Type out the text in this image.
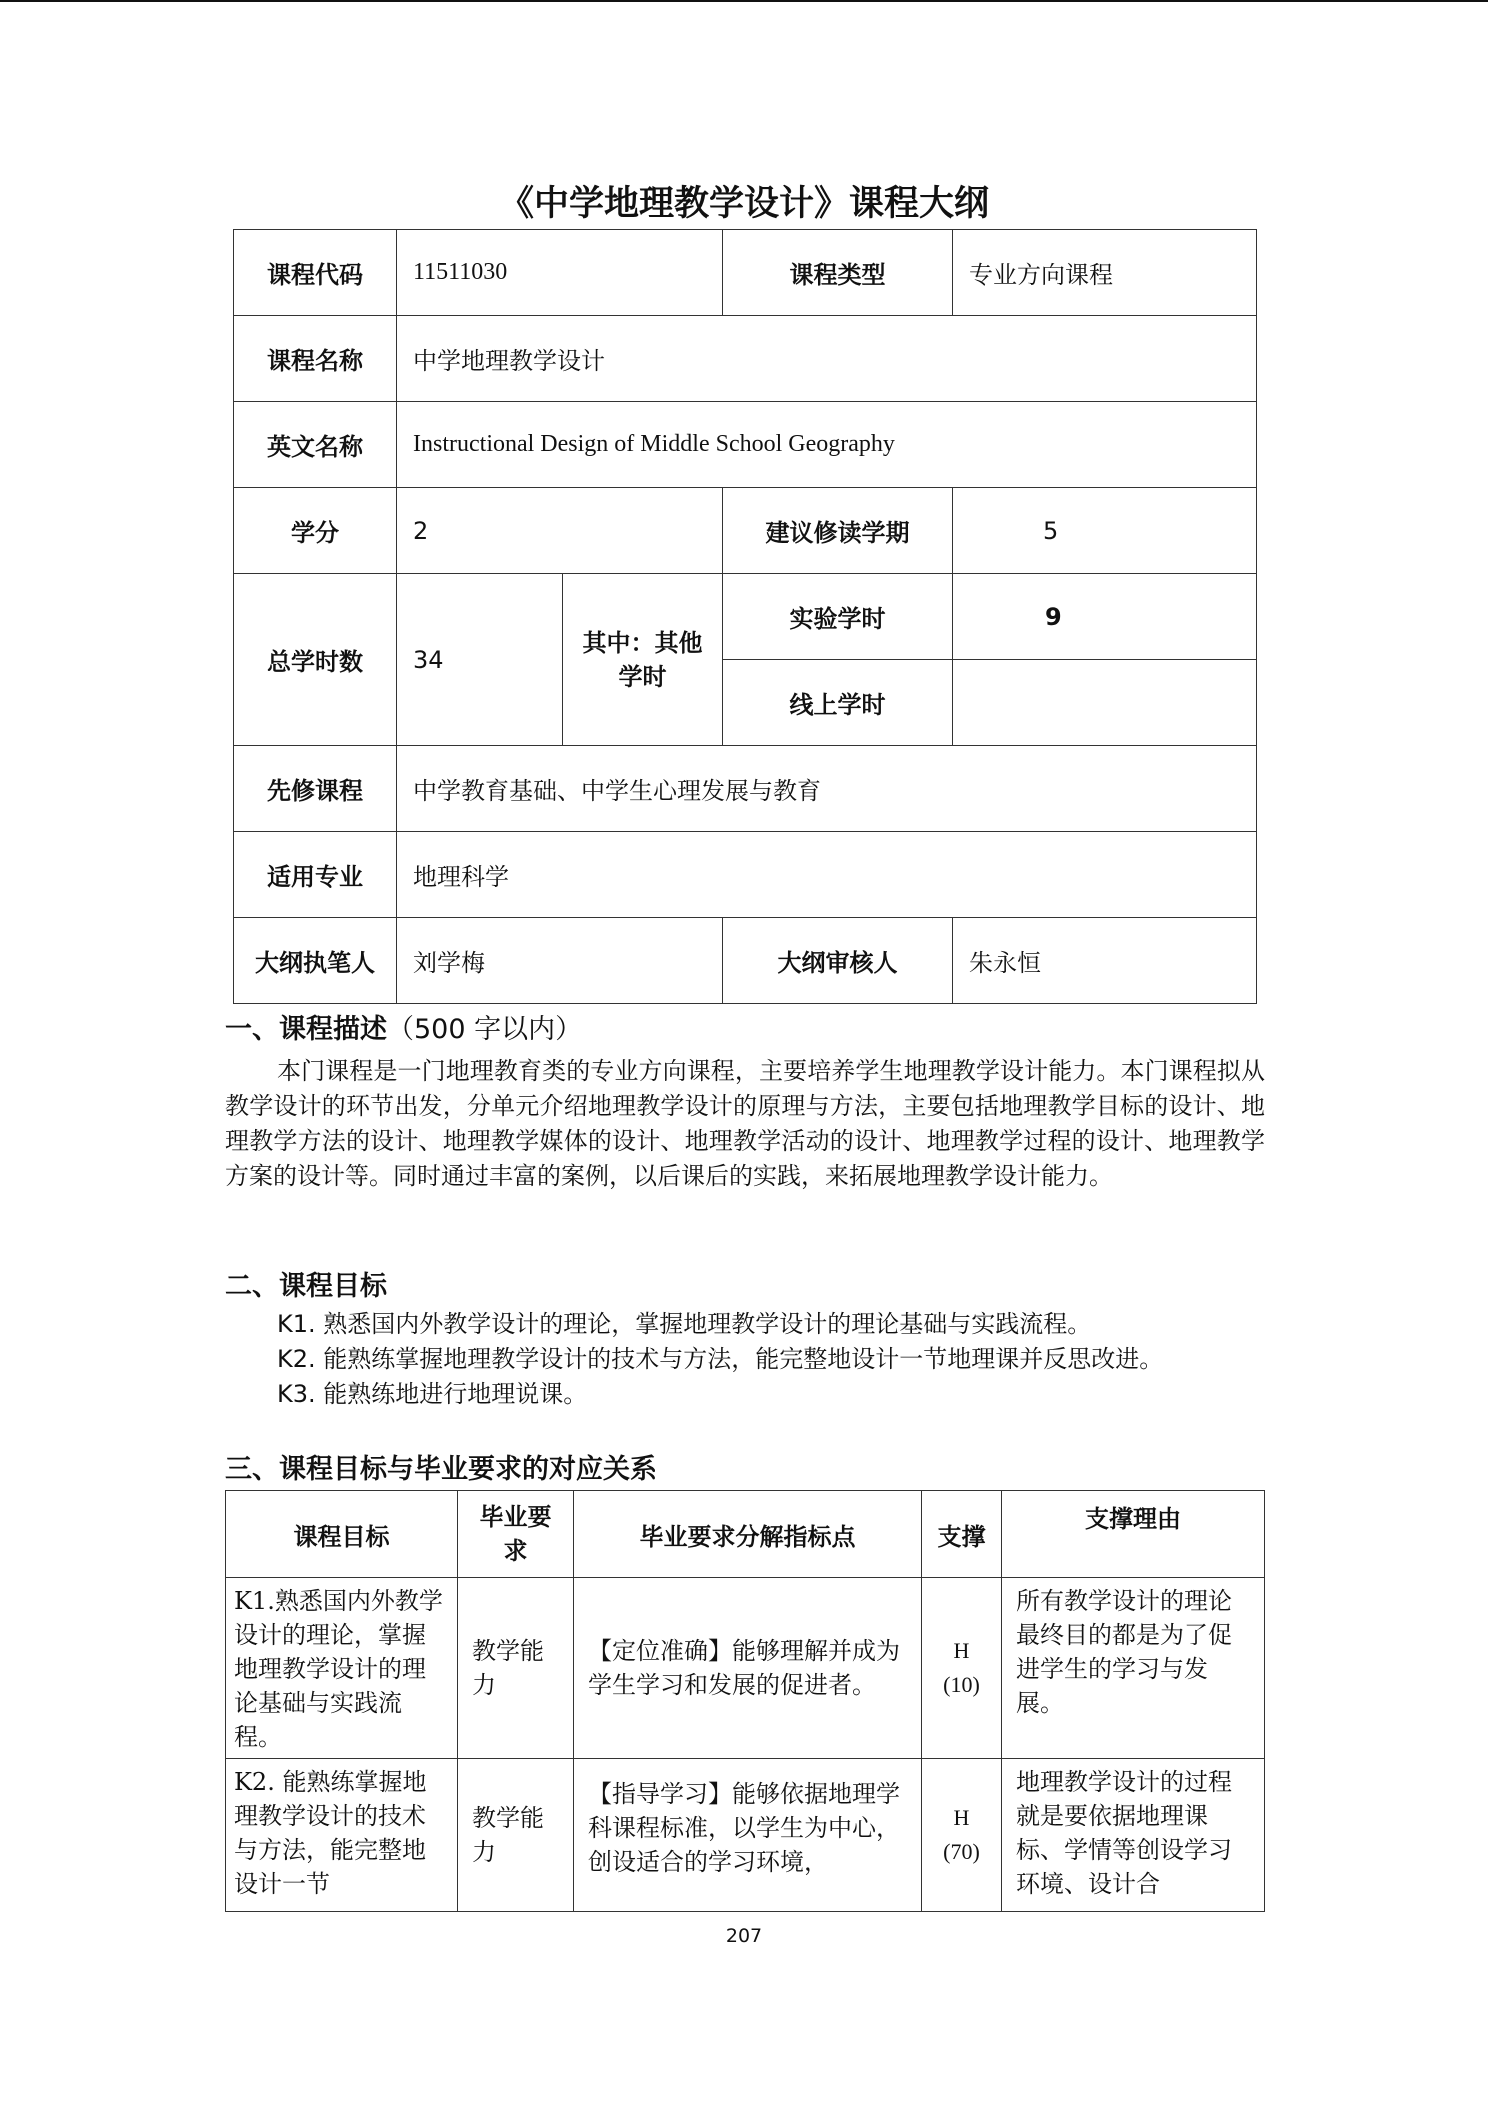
《中学地理教学设计》课程大纲
课程代码	11511030		课程类型	专业方向课程
课程名称	中学地理教学设计			
英文名称	Instructional Design of Middle School Geography			
学分	2		建议修读学期	5
总学时数	34	其中：其他学时	实验学时	9
			线上学时	
先修课程	中学教育基础、中学生心理发展与教育			
适用专业	地理科学			
大纲执笔人	刘学梅		大纲审核人	朱永恒
一、课程描述（500 字以内）
本门课程是一门地理教育类的专业方向课程，主要培养学生地理教学设计能力。本门课程拟从教学设计的环节出发，分单元介绍地理教学设计的原理与方法，主要包括地理教学目标的设计、地理教学方法的设计、地理教学媒体的设计、地理教学活动的设计、地理教学过程的设计、地理教学方案的设计等。同时通过丰富的案例，以后课后的实践，来拓展地理教学设计能力。
二、课程目标
K1. 熟悉国内外教学设计的理论，掌握地理教学设计的理论基础与实践流程。
K2. 能熟练掌握地理教学设计的技术与方法，能完整地设计一节地理课并反思改进。
K3. 能熟练地进行地理说课。
三、课程目标与毕业要求的对应关系
课程目标	毕业要求	毕业要求分解指标点	支撑	支撑理由
K1.熟悉国内外教学设计的理论，掌握地理教学设计的理论基础与实践流程。	教学能力	【定位准确】能够理解并成为学生学习和发展的促进者。	H (10)	所有教学设计的理论最终目的都是为了促进学生的学习与发展。
K2. 能熟练掌握地理教学设计的技术与方法，能完整地设计一节	教学能力	【指导学习】能够依据地理学科课程标准，以学生为中心，创设适合的学习环境，	H (70)	地理教学设计的过程就是要依据地理课标、学情等创设学习环境、设计合
207
